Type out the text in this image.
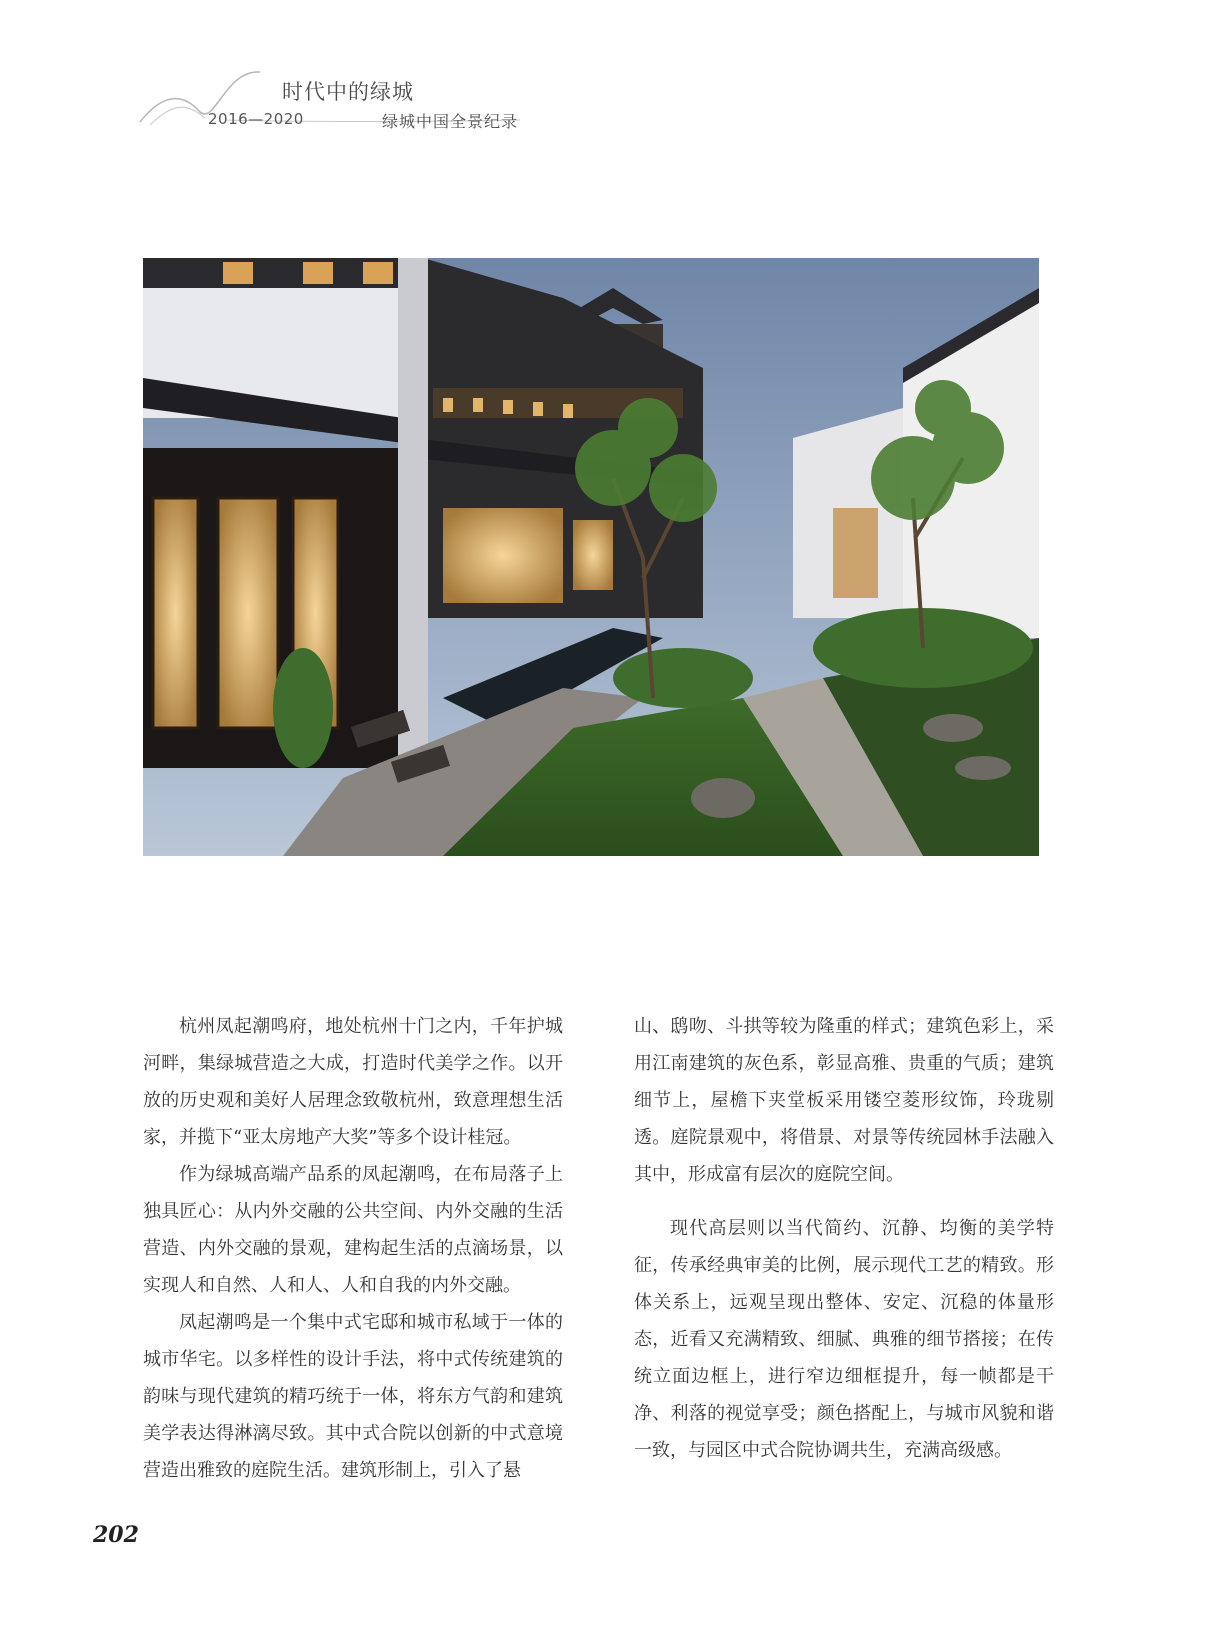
时代中的绿城
2016—2020	绿城中国全景纪录

杭州凤起潮鸣府，地处杭州十门之内，千年护城河畔，集绿城营造之大成，打造时代美学之作。以开放的历史观和美好人居理念致敬杭州，致意理想生活家，并揽下“亚太房地产大奖”等多个设计桂冠。

作为绿城高端产品系的凤起潮鸣，在布局落子上独具匠心：从内外交融的公共空间、内外交融的生活营造、内外交融的景观，建构起生活的点滴场景，以实现人和自然、人和人、人和自我的内外交融。

凤起潮鸣是一个集中式宅邸和城市私域于一体的城市华宅。以多样性的设计手法，将中式传统建筑的韵味与现代建筑的精巧统于一体，将东方气韵和建筑美学表达得淋漓尽致。其中式合院以创新的中式意境营造出雅致的庭院生活。建筑形制上，引入了悬

山、鸱吻、斗拱等较为隆重的样式；建筑色彩上，采用江南建筑的灰色系，彰显高雅、贵重的气质；建筑细节上，屋檐下夹堂板采用镂空菱形纹饰，玲珑剔透。庭院景观中，将借景、对景等传统园林手法融入其中，形成富有层次的庭院空间。

现代高层则以当代简约、沉静、均衡的美学特征，传承经典审美的比例，展示现代工艺的精致。形体关系上，远观呈现出整体、安定、沉稳的体量形态，近看又充满精致、细腻、典雅的细节搭接；在传统立面边框上，进行窄边细框提升，每一帧都是干净、利落的视觉享受；颜色搭配上，与城市风貌和谐一致，与园区中式合院协调共生，充满高级感。

202
